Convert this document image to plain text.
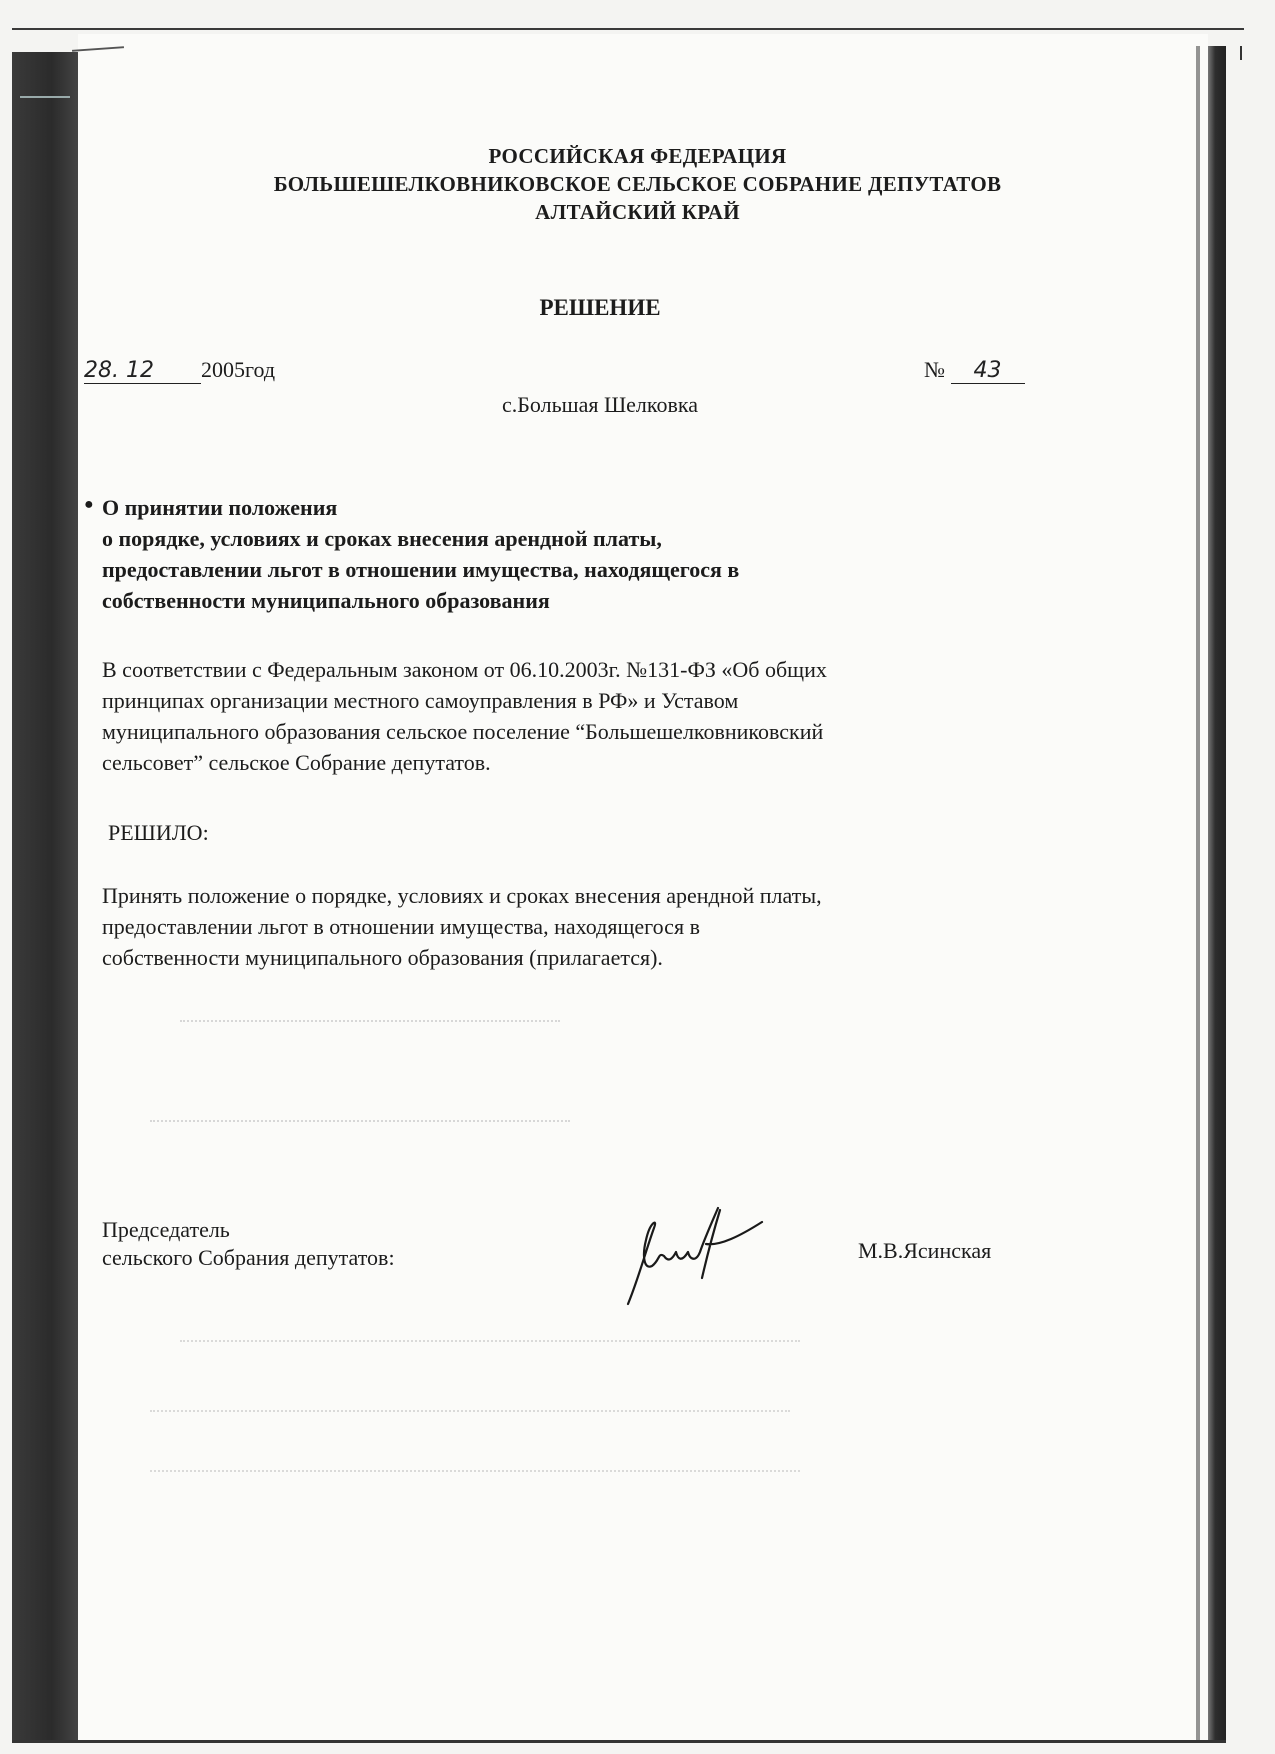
РОССИЙСКАЯ ФЕДЕРАЦИЯ
БОЛЬШЕШЕЛКОВНИКОВСКОЕ СЕЛЬСКОЕ СОБРАНИЕ ДЕПУТАТОВ
АЛТАЙСКИЙ КРАЙ
РЕШЕНИЕ
28. 12 2005год	№ 43
с.Большая Шелковка
● О принятии положения
о порядке, условиях и сроках внесения арендной платы,
предоставлении льгот в отношении имущества, находящегося в
собственности муниципального образования
В соответствии с Федеральным законом от 06.10.2003г. №131-ФЗ «Об общих
принципах организации местного самоуправления в РФ» и Уставом
муниципального образования сельское поселение “Большешелковниковский
сельсовет” сельское Собрание депутатов.
РЕШИЛО:
Принять положение о порядке, условиях и сроках внесения арендной платы,
предоставлении льгот в отношении имущества, находящегося в
собственности муниципального образования (прилагается).
Председатель
сельского Собрания депутатов:	М.В.Ясинская
